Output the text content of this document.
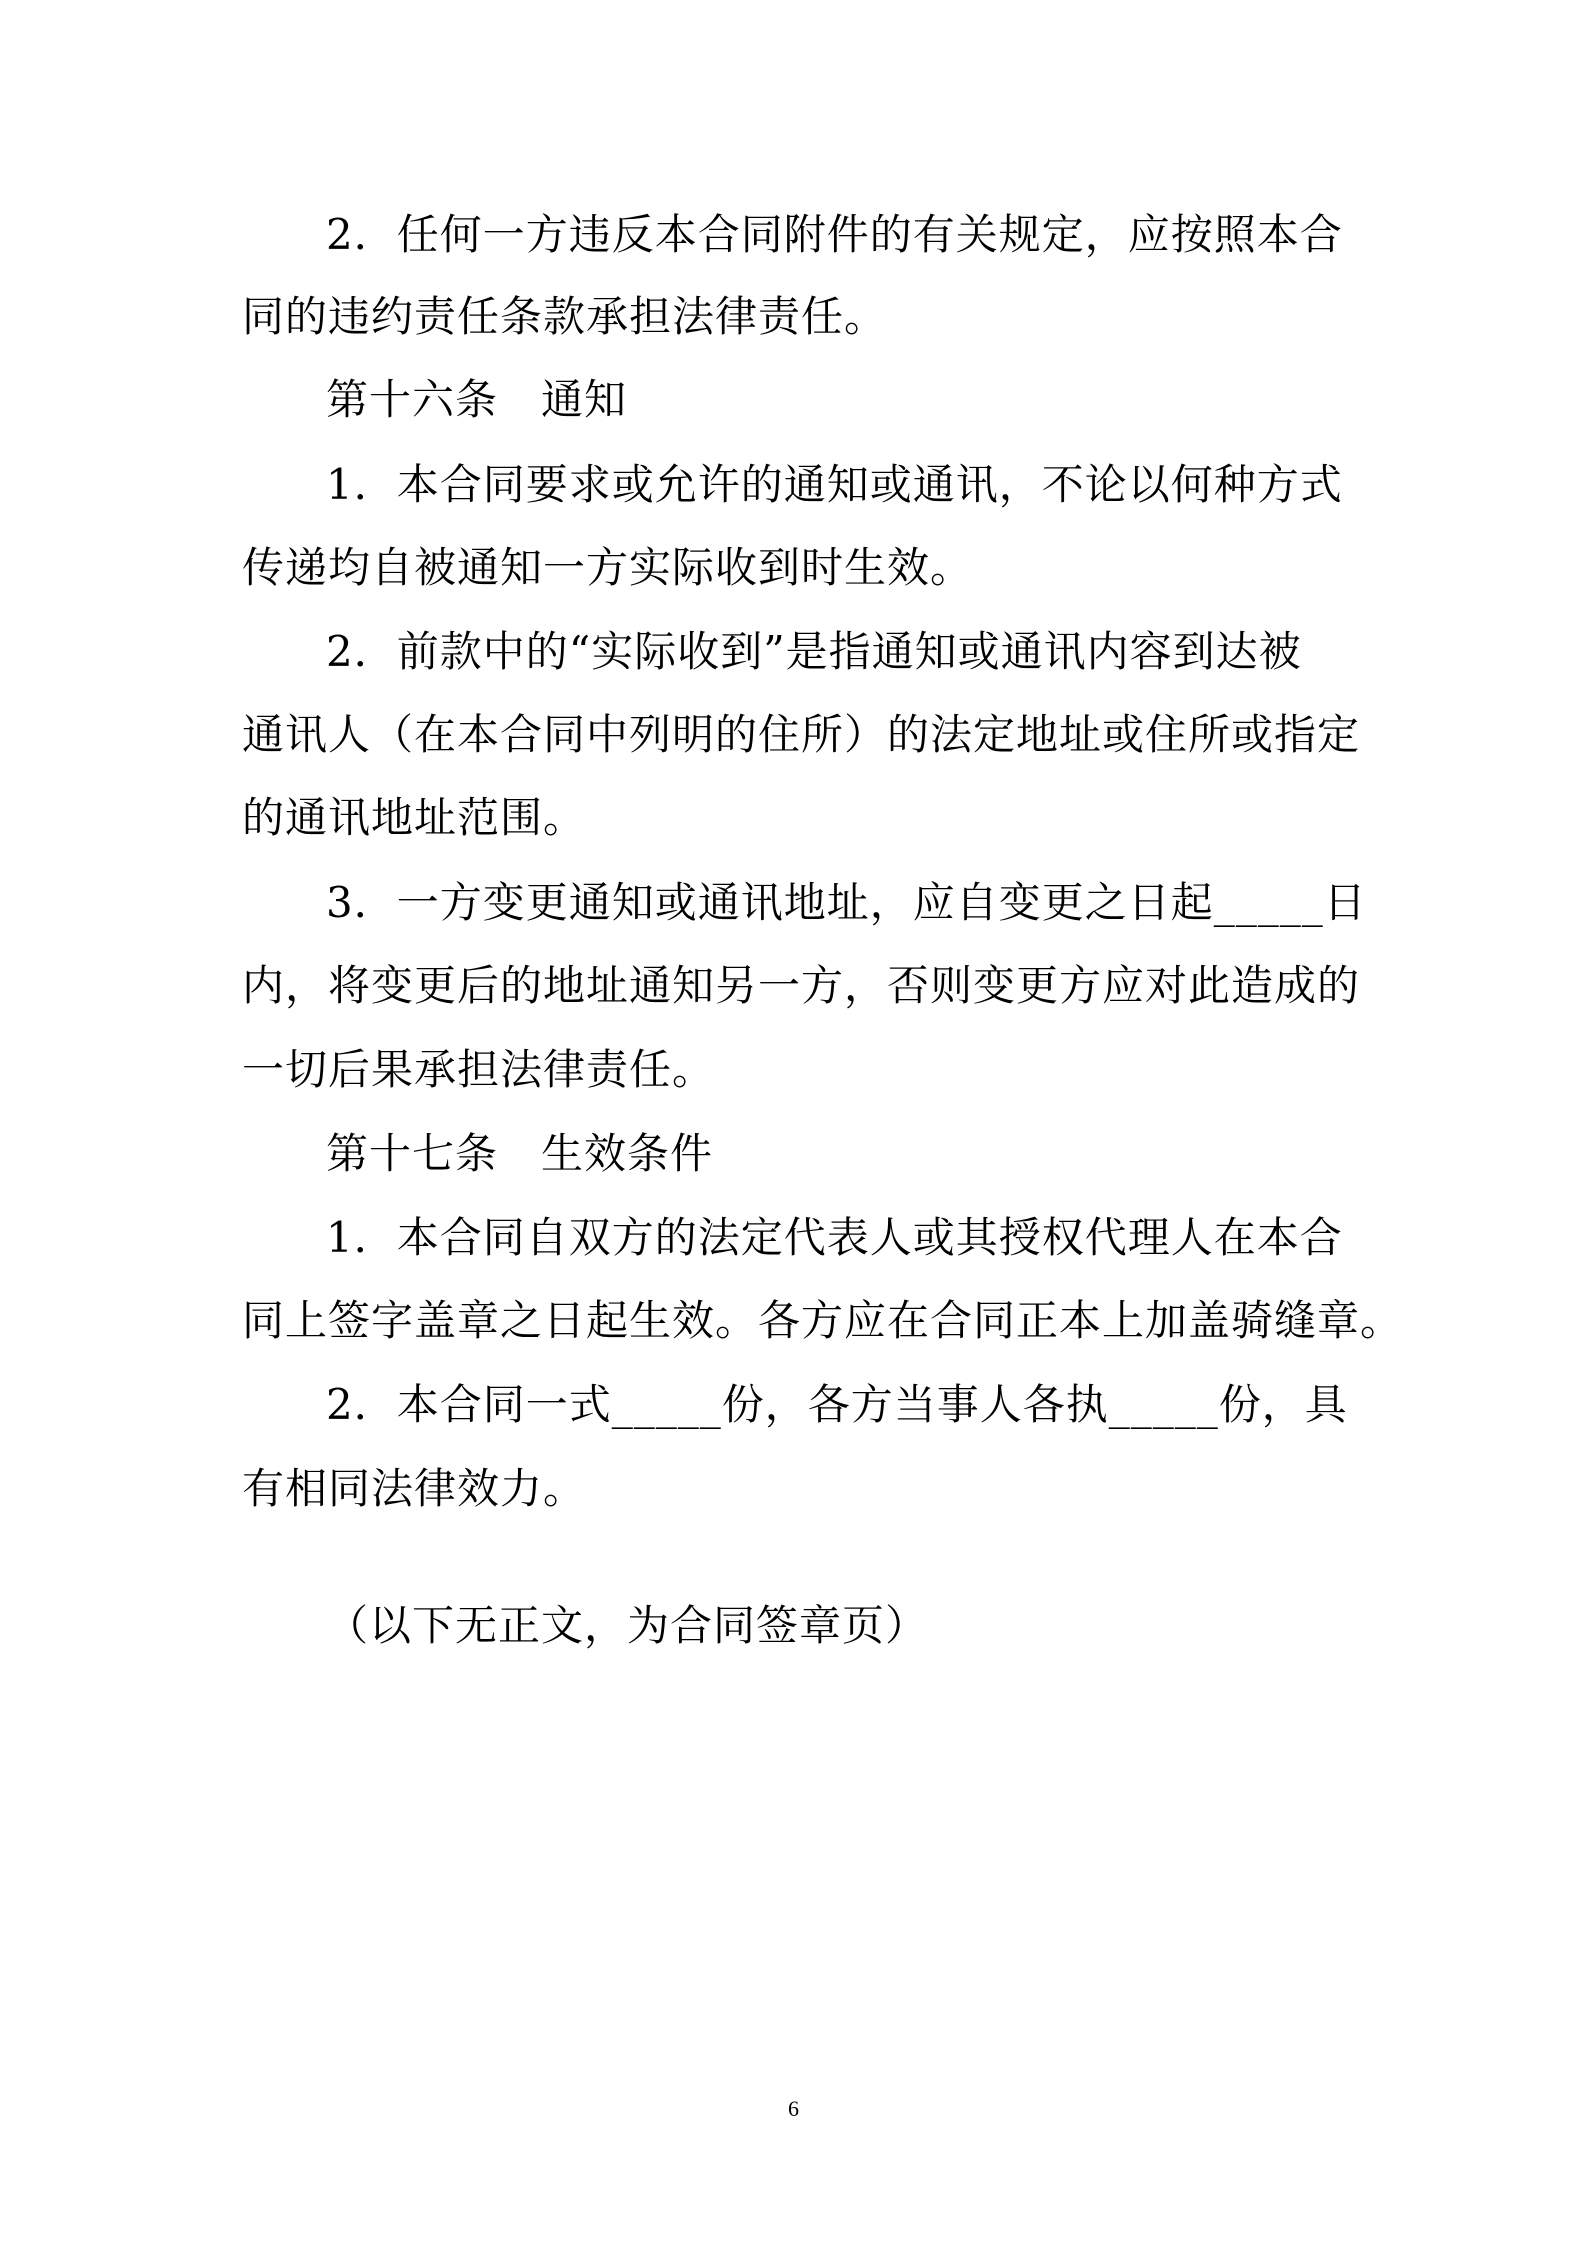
2．任何一方违反本合同附件的有关规定，应按照本合
同的违约责任条款承担法律责任。
第十六条　通知
1．本合同要求或允许的通知或通讯，不论以何种方式
传递均自被通知一方实际收到时生效。
2．前款中的“实际收到”是指通知或通讯内容到达被
通讯人（在本合同中列明的住所）的法定地址或住所或指定
的通讯地址范围。
3．一方变更通知或通讯地址，应自变更之日起_____日
内，将变更后的地址通知另一方，否则变更方应对此造成的
一切后果承担法律责任。
第十七条　生效条件
1．本合同自双方的法定代表人或其授权代理人在本合
同上签字盖章之日起生效。各方应在合同正本上加盖骑缝章。
2．本合同一式_____份，各方当事人各执_____份，具
有相同法律效力。
（以下无正文，为合同签章页）
6
